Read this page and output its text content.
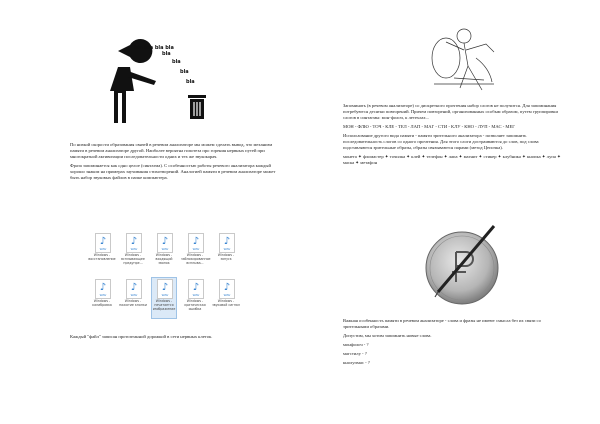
bla bla bla bla
bla
bla
bla
bla

По низкой скорости образования связей в речевом анализаторе мы можем сделать вывод, что механизм памяти в речевом анализаторе другой. Наиболее вероятна гипотеза про горения нервных путей при многократной активизации последовательности одних и тех же звукокарач.

Фраза запоминается как одно целое (синтагма). С особенностью работы речевого анализатора каждый хорошо знаком на примерах заучивания стихотворений. Аналогией памяти в речевом анализаторе может быть набор звуковых файлов в папке компьютера.

♪
WAV
Windows - восстановление
♪
WAV
Windows - всплывающее предупре...
♪
WAV
Windows - входящий звонок
♪
WAV
Windows - заблокированное всплыва...
♪
WAV
Windows - запуск
♪
WAV
Windows - калибровка
♪
WAV
Windows - нажатие кнопки
♪
WAV
Windows - печатается изображение
♪
WAV
Windows - критическая ошибка
♪
WAV
Windows - звуковой сигнал
Каждый "файл" записан протоптанной дорожкой в сети нервных клеток.

Запоминать (в речевом анализаторе) со дискретного прочтения набор слогов не получится. Для запоминания потребуются десятки повторений. Причем повторений, организованных особым образом, путем группировки слогов в синтагмы: мон-фолоч, к летехлах...

МОН - ФЛЮ - ТОЧ - КЛЕ - ТЕЛ - ЛАП - МАГ - СТИ - КЛУ - КНО - ЛУП - МАС - МЕГ

Использование другого вида памяти - памяти зрительного анализатора - позволяет запомнить последовательность слогов со одного прочтения. Для этого слоги достраиваются до слов, под слова подставляются зрительные образы, образы связываются парами (метод Цепочка).

монета ✦ фломастер ✦ точилка ✦ клей ✦ телефон ✦ лапа ✦ магнит ✦ стикер ✦ клубника ✦ кнопка ✦ лупа ✦ маска ✦ метафон

Важная особенность памяти в речевом анализаторе - слова и фразы не имеют смысла без их связи со зрительными образами.

Допустим, мы хотим запомнить новые слова.

монфолоч - ?

магстилу - ?

кнолупмас - ?
